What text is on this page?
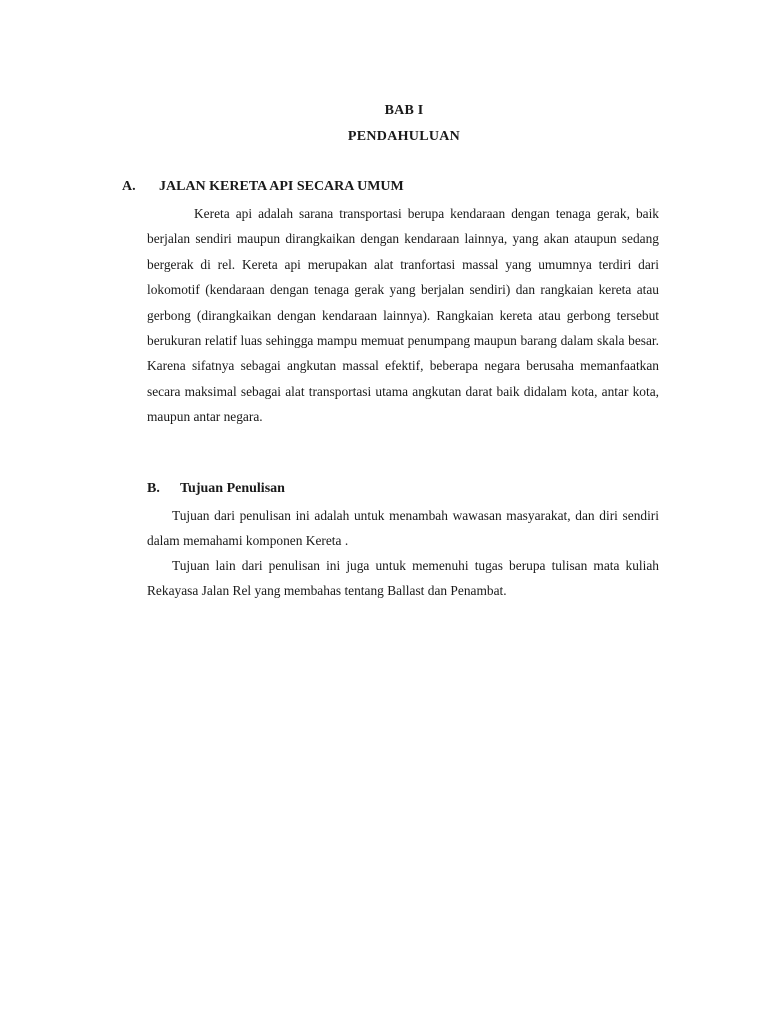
BAB I
PENDAHULUAN
A. JALAN KERETA API SECARA UMUM

Kereta api adalah sarana transportasi berupa kendaraan dengan tenaga gerak, baik berjalan sendiri maupun dirangkaikan dengan kendaraan lainnya, yang akan ataupun sedang bergerak di rel. Kereta api merupakan alat tranfortasi massal yang umumnya terdiri dari lokomotif (kendaraan dengan tenaga gerak yang berjalan sendiri) dan rangkaian kereta atau gerbong (dirangkaikan dengan kendaraan lainnya). Rangkaian kereta atau gerbong tersebut berukuran relatif luas sehingga mampu memuat penumpang maupun barang dalam skala besar. Karena sifatnya sebagai angkutan massal efektif, beberapa negara berusaha memanfaatkan secara maksimal sebagai alat transportasi utama angkutan darat baik didalam kota, antar kota, maupun antar negara.

B. Tujuan Penulisan

Tujuan dari penulisan ini adalah untuk menambah wawasan masyarakat, dan diri sendiri dalam memahami komponen Kereta .

Tujuan lain dari penulisan ini juga untuk memenuhi tugas berupa tulisan mata kuliah Rekayasa Jalan Rel yang membahas tentang Ballast dan Penambat.
